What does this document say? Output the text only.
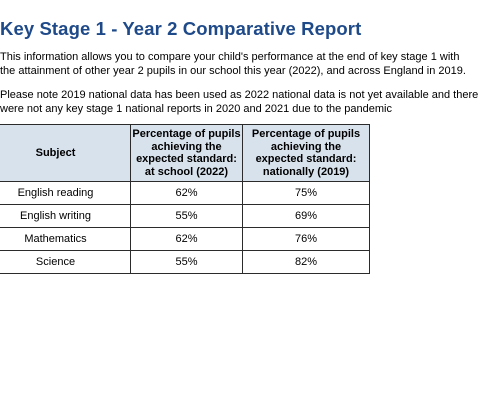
Key Stage 1 - Year 2 Comparative Report

This information allows you to compare your child's performance at the end of key stage 1 with
the attainment of other year 2 pupils in our school this year (2022), and across England in 2019.

Please note 2019 national data has been used as 2022 national data is not yet available and there
were not any key stage 1 national reports in 2020 and 2021 due to the pandemic

Subject	Percentage of pupils
achieving the
expected standard:
at school (2022)	Percentage of pupils
achieving the
expected standard:
nationally (2019)
English reading	62%	75%
English writing	55%	69%
Mathematics	62%	76%
Science	55%	82%
